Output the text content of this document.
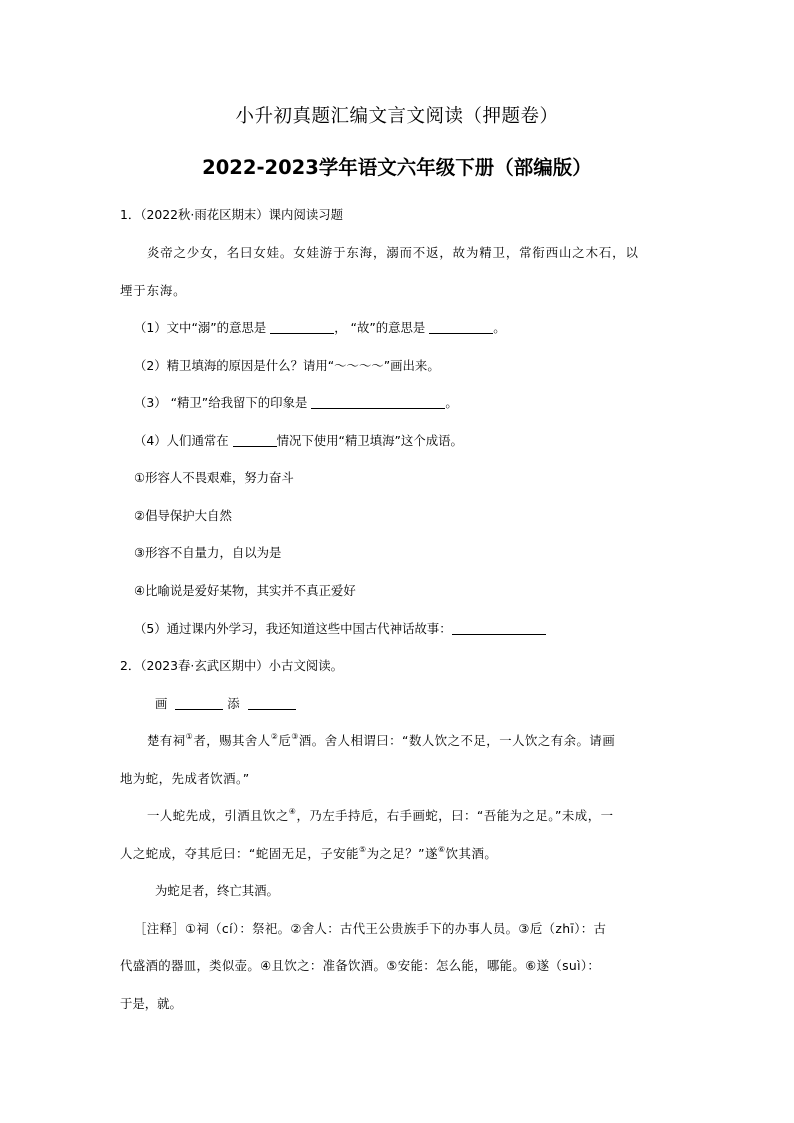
小升初真题汇编文言文阅读（押题卷）
2022-2023学年语文六年级下册（部编版）
1．（2022秋·雨花区期末）课内阅读习题
炎帝之少女，名曰女娃。女娃游于东海，溺而不返，故为精卫，常衔西山之木石，以
堙于东海。
（1）文中“溺”的意思是	， “故”的意思是	。
（2）精卫填海的原因是什么？请用“～～～～”画出来。
（3） “精卫”给我留下的印象是	。
（4）人们通常在	情况下使用“精卫填海”这个成语。
①形容人不畏艰难，努力奋斗
②倡导保护大自然
③形容不自量力，自以为是
④比喻说是爱好某物，其实并不真正爱好
（5）通过课内外学习，我还知道这些中国古代神话故事：
2．（2023春·玄武区期中）小古文阅读。
画	添
楚有祠①者，赐其舍人②卮③酒。舍人相谓曰：“数人饮之不足，一人饮之有余。请画
地为蛇，先成者饮酒。”
一人蛇先成，引酒且饮之④，乃左手持卮，右手画蛇，曰：“吾能为之足。”未成，一
人之蛇成，夺其卮曰：“蛇固无足，子安能⑤为之足？”遂⑥饮其酒。
为蛇足者，终亡其酒。
［注释］①祠（cí）：祭祀。②舍人：古代王公贵族手下的办事人员。③卮（zhī）：古
代盛酒的器皿，类似壶。④且饮之：准备饮酒。⑤安能：怎么能，哪能。⑥遂（suì）：
于是，就。
